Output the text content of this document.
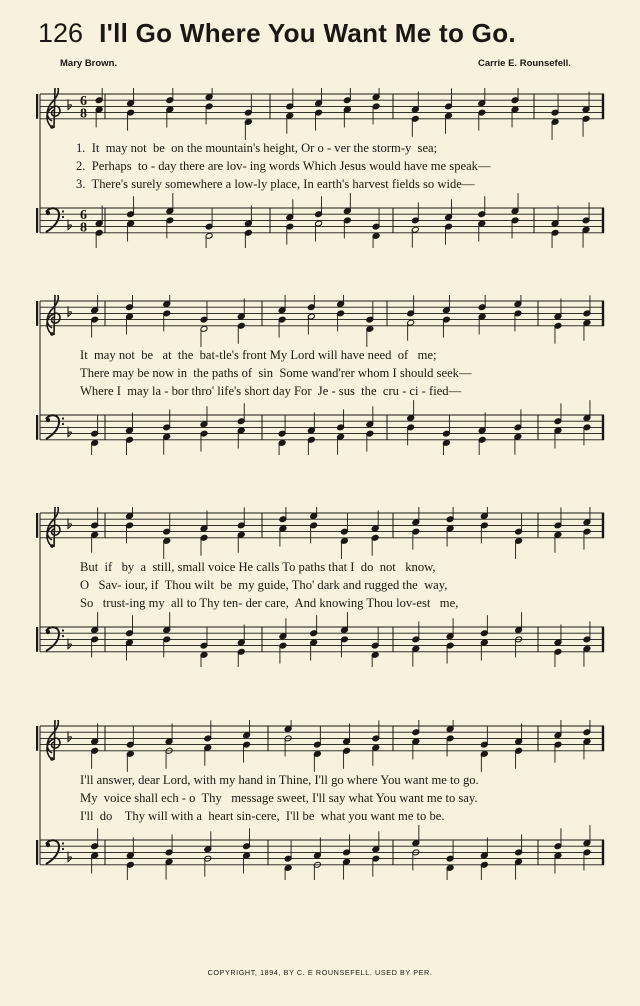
126 I'll Go Where You Want Me to Go.
Mary Brown.	Carrie E. Rounsefell.
6
8
6
8
COPYRIGHT, 1894, BY C. E ROUNSEFELL. USED BY PER.
1.  It  may not  be  on the mountain's height, Or o - ver the storm-y  sea;
2.  Perhaps  to - day there are lov- ing words Which Jesus would have me speak—
3.  There's surely somewhere a low-ly place, In earth's harvest fields so wide—
It  may not  be   at  the  bat-tle's front My Lord will have need  of   me;
There may be now in  the paths of  sin  Some wand'rer whom I should seek—
Where I  may la - bor thro' life's short day For  Je - sus  the  cru - ci - fied—
But  if   by  a  still, small voice He calls To paths that I  do  not   know,
O   Sav- iour, if  Thou wilt  be  my guide, Tho' dark and rugged the  way,
So   trust-ing my  all to Thy ten- der care,  And knowing Thou lov-est   me,
I'll answer, dear Lord, with my hand in Thine, I'll go where You want me to go.
My  voice shall ech - o  Thy   message sweet, I'll say what You want me to say.
I'll  do    Thy will with a  heart sin-cere,  I'll be  what you want me to be.
